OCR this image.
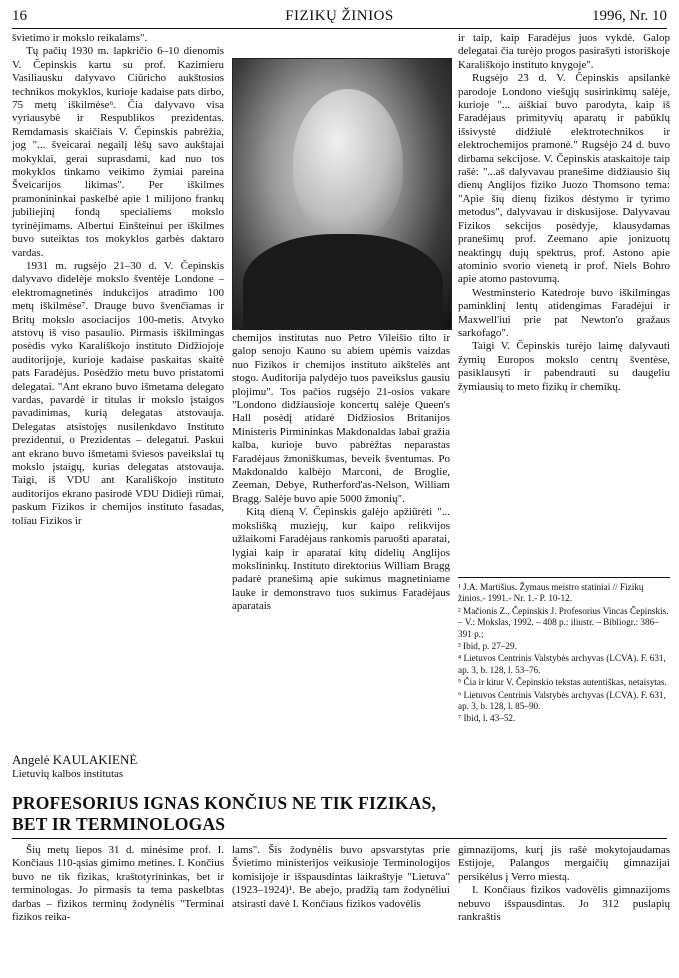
16	FIZIKŲ ŽINIOS	1996, Nr. 10

švietimo ir mokslo reikalams".

Tų pačių 1930 m. lapkričio 6–10 dienomis V. Čepinskis kartu su prof. Kazimieru Vasiliausku dalyvavo Ciūricho aukštosios technikos mokyklos, kurioje kadaise pats dirbo, 75 metų iškilmėse⁶. Čia dalyvavo visa vyriausybė ir Respublikos prezidentas. Remdamasis skaičiais V. Čepinskis pabrėžia, jog "... šveicarai negailį lėšų savo aukštajai mokyklai, gerai suprasdami, kad nuo tos mokyklos tinkamo veikimo žymiai pareina Šveicarijos likimas". Per iškilmes pramonininkai paskelbė apie 1 milijono frankų jubiliejinį fondą specialiems mokslo tyrinėjimams. Albertui Einšteinui per iškilmes buvo suteiktas tos mokyklos garbės daktaro vardas.

1931 m. rugsėjo 21–30 d. V. Čepinskis dalyvavo didelėje mokslo šventėje Londone – elektromagnetinės indukcijos atradimo 100 metų iškilmėse⁷. Drauge buvo švenčiamas ir Britų mokslo asociacijos 100-metis. Atvyko atstovų iš viso pasaulio. Pirmasis iškilmingas posėdis vyko Karališkojo instituto Didžiojoje auditorijoje, kurioje kadaise paskaitas skaitė pats Faradėjus. Posėdžio metu buvo pristatomi delegatai. "Ant ekrano buvo išmetama delegato vardas, pavardė ir titulas ir mokslo įstaigos pavadinimas, kurią delegatas atstovauja. Delegatas atsistojęs nusilenkdavo Instituto prezidentui, o Prezidentas – delegatui. Paskui ant ekrano buvo išmetami šviesos paveikslai tų mokslo įstaigų, kurias delegatas atstovauja. Taigi, iš VDU ant Karališkojo instituto auditorijos ekrano pasirodė VDU Didieji rūmai, paskum Fizikos ir chemijos instituto fasadas, toliau Fizikos ir

chemijos institutas nuo Petro Vileišio tilto ir galop senojo Kauno su abiem upėmis vaizdas nuo Fizikos ir chemijos instituto aikštelės ant stogo. Auditorija palydėjo tuos paveikslus gausiu plojimu". Tos pačios rugsėjo 21-osios vakare "Londono didžiausioje koncertų salėje Queen's Hall posėdį atidarė Didžiosios Britanijos Ministeris Pirmininkas Makdonaldas labai gražia kalba, kurioje buvo pabrėžtas neparastas Faradėjaus žmoniškumas, beveik šventumas. Po Makdonaldo kalbėjo Marconi, de Broglie, Zeeman, Debye, Rutherford'as-Nelson, William Bragg. Salėje buvo apie 5000 žmonių".

Kitą dieną V. Čepinskis galėjo apžiūrėti "... mokslišką muziejų, kur kaipo relikvijos užlaikomi Faradėjaus rankomis paruošti aparatai, lygiai kaip ir aparatai kitų didelių Anglijos mokslininkų. Instituto direktorius William Bragg padarė pranešimą apie sukimus magnetiniame lauke ir demonstravo tuos sukimus Faradėjaus aparatais

ir taip, kaip Faradėjus juos vykdė. Galop delegatai čia turėjo progos pasirašyti istoriškoje Karališkojo instituto knygoje".

Rugsėjo 23 d. V. Čepinskis apsilankė parodoje Londono viešųjų susirinkimų salėje, kurioje "... aiškiai buvo parodyta, kaip iš Faradėjaus primityvių aparatų ir pabūklų išsivystė didžiulė elektrotechnikos ir elektrochemijos pramonė." Rugsėjo 24 d. buvo dirbama sekcijose. V. Čepinskis ataskaitoje taip rašė: "...aš dalyvavau pranešime didžiausio šių dienų Anglijos fiziko Juozo Thomsono tema: "Apie šių dienų fizikos dėstymo ir tyrimo metodus", dalyvavau ir diskusijose. Dalyvavau Fizikos sekcijos posėdyje, klausydamas pranešimų prof. Zeemano apie jonizuotų neaktingų dujų spektrus, prof. Astono apie atominio svorio vienetą ir prof. Niels Bohro apie atomo pastovumą.

Westminsterio Katedroje buvo iškilmingas paminklinį lentų atidengimas Faradėjui ir Maxwell'iui prie pat Newton'o gražaus sarkofago".

Taigi V. Čepinskis turėjo laimę dalyvauti žymių Europos mokslo centrų šventėse, pasiklausyti ir pabendrauti su daugeliu žymiausių to meto fizikų ir chemikų.

¹ J.A. Martišius. Žymaus meistro statiniai // Fizikų žinios.- 1991.- Nr. 1.- P. 10-12.
² Mačionis Z., Čepinskis J. Profesorius Vincas Čepinskis. – V.: Mokslas, 1992. – 408 p.: iliustr. – Bibliogr.: 386–391 p.;
³ Ibid, p. 27–29.
⁴ Lietuvos Centrinis Valstybės archyvas (LCVA). F. 631, ap. 3, b. 128, l. 53–76.
⁵ Čia ir kitur V. Čepinskio tekstas autentiškas, netaisytas.
⁶ Lietuvos Centrinis Valstybės archyvas (LCVA). F. 631, ap. 3, b. 128, l. 85–90.
⁷ Ibid, l. 43–52.
Angelė KAULAKIENĖ
Lietuvių kalbos institutas
PROFESORIUS IGNAS KONČIUS NE TIK FIZIKAS,
BET IR TERMINOLOGAS

Šių metų liepos 31 d. minėsime prof. I. Končiaus 110-ąsias gimimo metines. I. Končius buvo ne tik fizikas, kraštotyrininkas, bet ir terminologas. Jo pirmasis ta tema paskelbtas darbas – fizikos terminų žodynėlis "Terminai fizikos reika-

lams". Šis žodynėlis buvo apsvarstytas prie Švietimo ministerijos veikusioje Terminologijos komisijoje ir išspausdintas laikraštyje "Lietuva" (1923–1924)¹. Be abejo, pradžią tam žodynėliui atsirasti davė I. Končiaus fizikos vadovėlis

gimnazijoms, kurį jis rašė mokytojaudamas Estijoje, Palangos mergaičių gimnazijai persikėlus į Verro miestą.

I. Končiaus fizikos vadovėlis gimnazijoms nebuvo išspausdintas. Jo 312 puslapių rankraštis
